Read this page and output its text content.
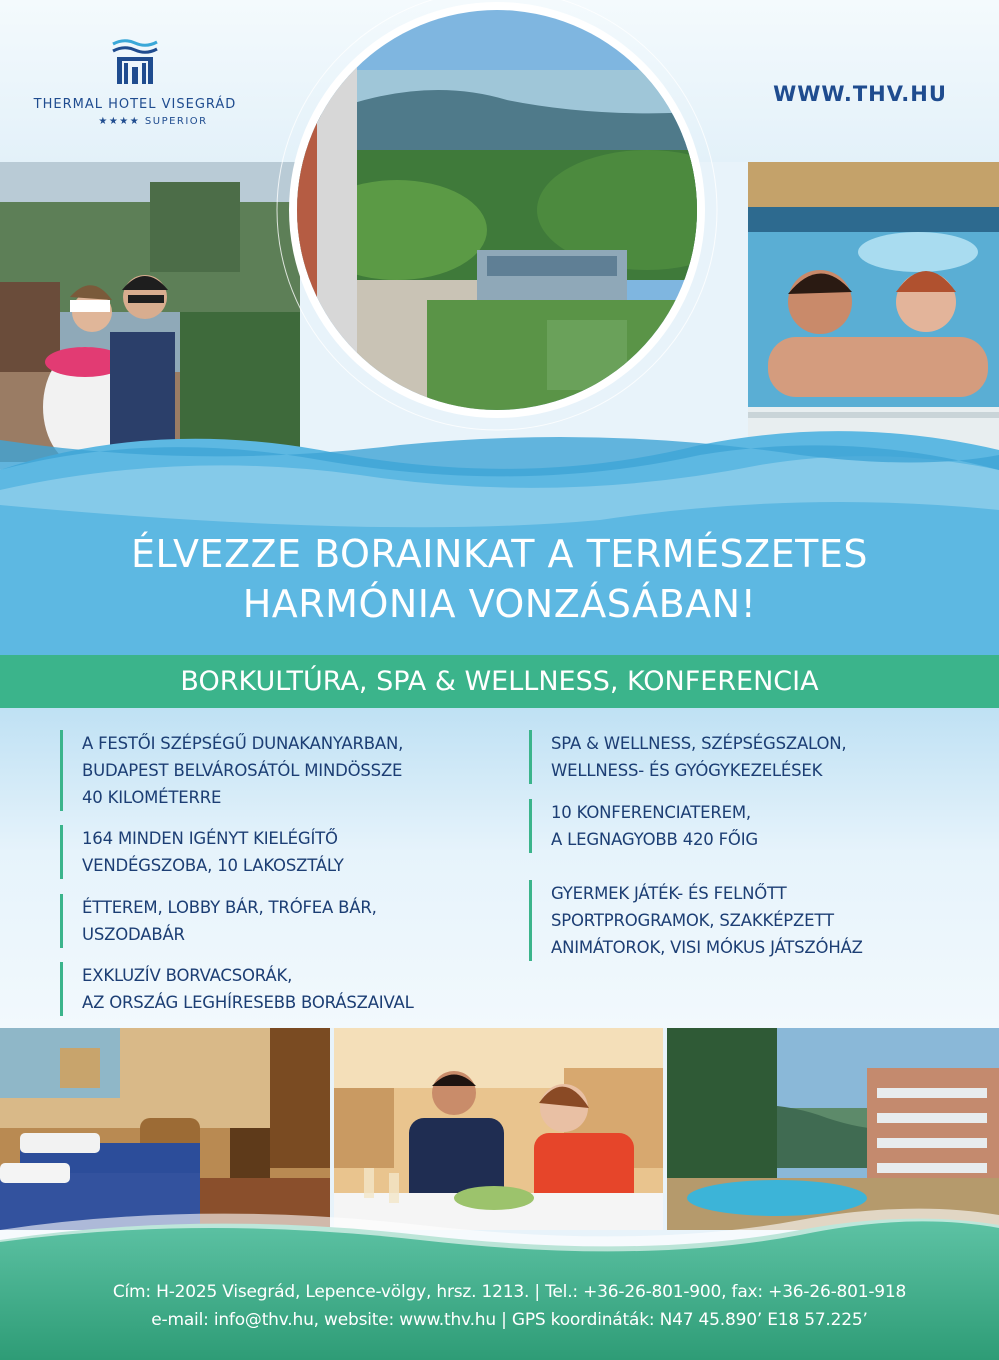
THERMAL HOTEL VISEGRÁD
★★★★ SUPERIOR
WWW.THV.HU
ÉLVEZZE BORAINKAT A TERMÉSZETES
HARMÓNIA VONZÁSÁBAN!
BORKULTÚRA, SPA & WELLNESS, KONFERENCIA
A FESTŐI SZÉPSÉGŰ DUNAKANYARBAN,
BUDAPEST BELVÁROSÁTÓL MINDÖSSZE
40 KILOMÉTERRE
164 MINDEN IGÉNYT KIELÉGÍTŐ
VENDÉGSZOBA, 10 LAKOSZTÁLY
ÉTTEREM, LOBBY BÁR, TRÓFEA BÁR,
USZODABÁR
EXKLUZÍV BORVACSORÁK,
AZ ORSZÁG LEGHÍRESEBB BORÁSZAIVAL
SPA & WELLNESS, SZÉPSÉGSZALON,
WELLNESS- ÉS GYÓGYKEZELÉSEK
10 KONFERENCIATEREM,
A LEGNAGYOBB 420 FŐIG
GYERMEK JÁTÉK- ÉS FELNŐTT
SPORTPROGRAMOK, SZAKKÉPZETT
ANIMÁTOROK, VISI MÓKUS JÁTSZÓHÁZ
Cím: H-2025 Visegrád, Lepence-völgy, hrsz. 1213. | Tel.: +36-26-801-900, fax: +36-26-801-918
e-mail: info@thv.hu, website: www.thv.hu | GPS koordináták: N47 45.890’ E18 57.225’
